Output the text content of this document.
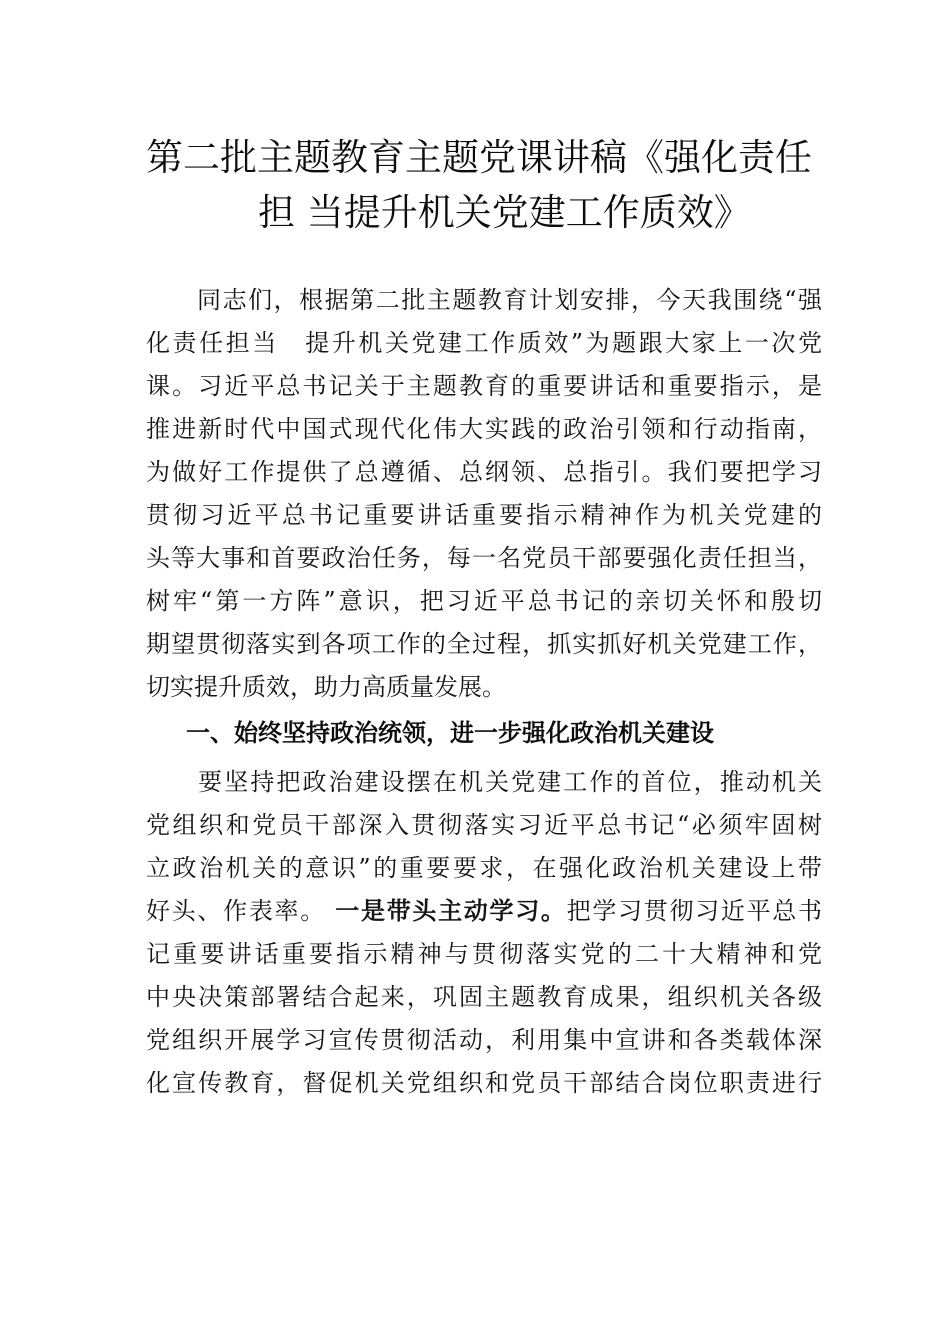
第二批主题教育主题党课讲稿《强化责任
担 当提升机关党建工作质效》
　　同志们，根据第二批主题教育计划安排，今天我围绕“强
化责任担当　提升机关党建工作质效”为题跟大家上一次党
课。习近平总书记关于主题教育的重要讲话和重要指示，是
推进新时代中国式现代化伟大实践的政治引领和行动指南，
为做好工作提供了总遵循、总纲领、总指引。我们要把学习
贯彻习近平总书记重要讲话重要指示精神作为机关党建的
头等大事和首要政治任务，每一名党员干部要强化责任担当，
树牢“第一方阵”意识，把习近平总书记的亲切关怀和殷切
期望贯彻落实到各项工作的全过程，抓实抓好机关党建工作，
切实提升质效，助力高质量发展。
一、始终坚持政治统领，进一步强化政治机关建设
　　要坚持把政治建设摆在机关党建工作的首位，推动机关
党组织和党员干部深入贯彻落实习近平总书记“必须牢固树
立政治机关的意识”的重要要求，在强化政治机关建设上带
好头、作表率。 一是带头主动学习。把学习贯彻习近平总书
记重要讲话重要指示精神与贯彻落实党的二十大精神和党
中央决策部署结合起来，巩固主题教育成果，组织机关各级
党组织开展学习宣传贯彻活动，利用集中宣讲和各类载体深
化宣传教育，督促机关党组织和党员干部结合岗位职责进行
